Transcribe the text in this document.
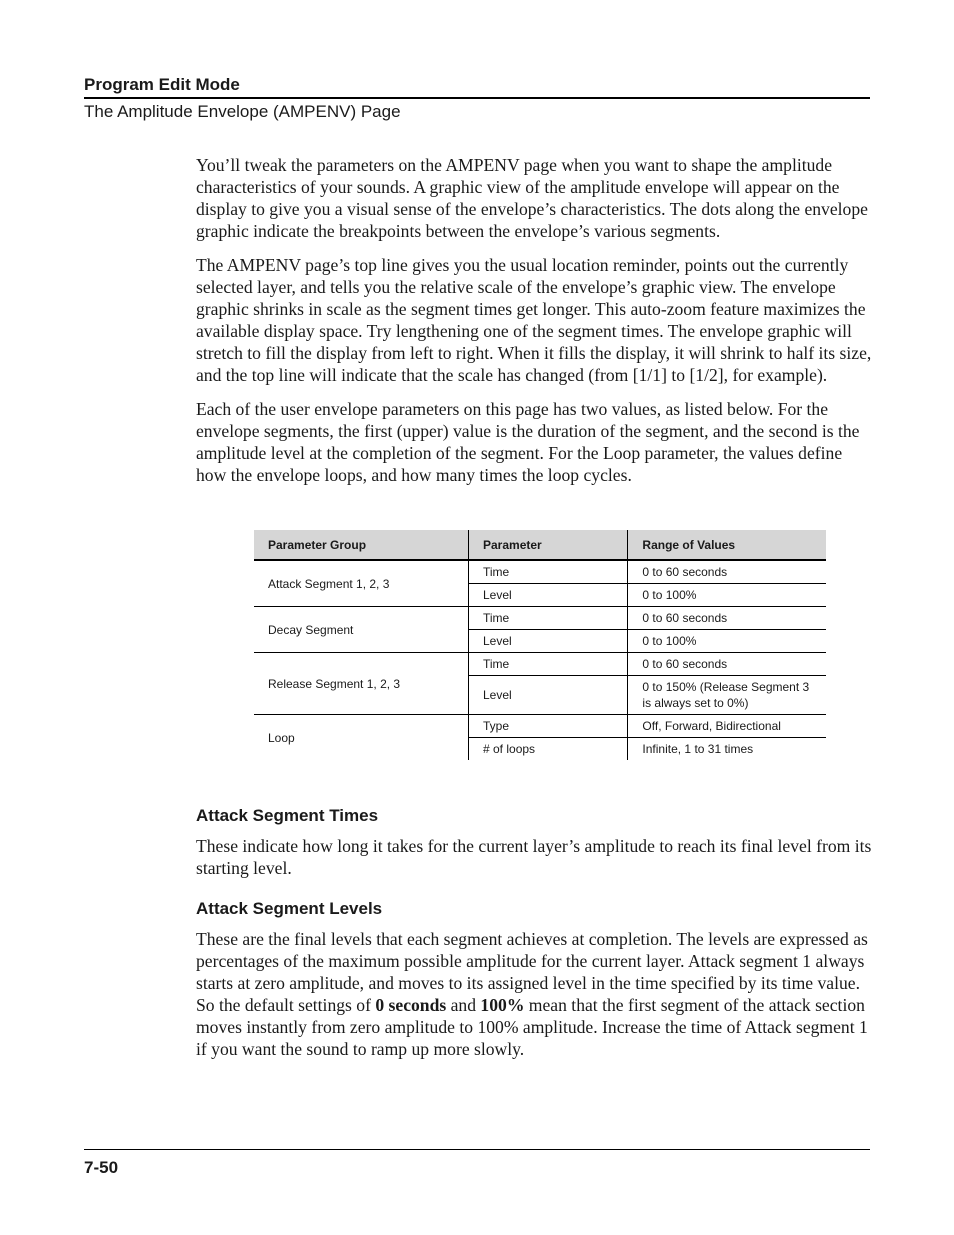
Program Edit Mode
The Amplitude Envelope (AMPENV) Page

You’ll tweak the parameters on the AMPENV page when you want to shape the amplitude characteristics of your sounds. A graphic view of the amplitude envelope will appear on the display to give you a visual sense of the envelope’s characteristics. The dots along the envelope graphic indicate the breakpoints between the envelope’s various segments.

The AMPENV page’s top line gives you the usual location reminder, points out the currently selected layer, and tells you the relative scale of the envelope’s graphic view. The envelope graphic shrinks in scale as the segment times get longer. This auto-zoom feature maximizes the available display space. Try lengthening one of the segment times. The envelope graphic will stretch to fill the display from left to right. When it fills the display, it will shrink to half its size, and the top line will indicate that the scale has changed (from [1/1] to [1/2], for example).

Each of the user envelope parameters on this page has two values, as listed below. For the envelope segments, the first (upper) value is the duration of the segment, and the second is the amplitude level at the completion of the segment. For the Loop parameter, the values define how the envelope loops, and how many times the loop cycles.

Parameter Group	Parameter	Range of Values
Attack Segment 1, 2, 3	Time	0 to 60 seconds
	Level	0 to 100%
Decay Segment	Time	0 to 60 seconds
	Level	0 to 100%
Release Segment 1, 2, 3	Time	0 to 60 seconds
	Level	0 to 150% (Release Segment 3 is always set to 0%)
Loop	Type	Off, Forward, Bidirectional
	# of loops	Infinite, 1 to 31 times
Attack Segment Times

These indicate how long it takes for the current layer’s amplitude to reach its final level from its starting level.

Attack Segment Levels

These are the final levels that each segment achieves at completion. The levels are expressed as percentages of the maximum possible amplitude for the current layer. Attack segment 1 always starts at zero amplitude, and moves to its assigned level in the time specified by its time value. So the default settings of 0 seconds and 100% mean that the first segment of the attack section moves instantly from zero amplitude to 100% amplitude. Increase the time of Attack segment 1 if you want the sound to ramp up more slowly.

7-50
